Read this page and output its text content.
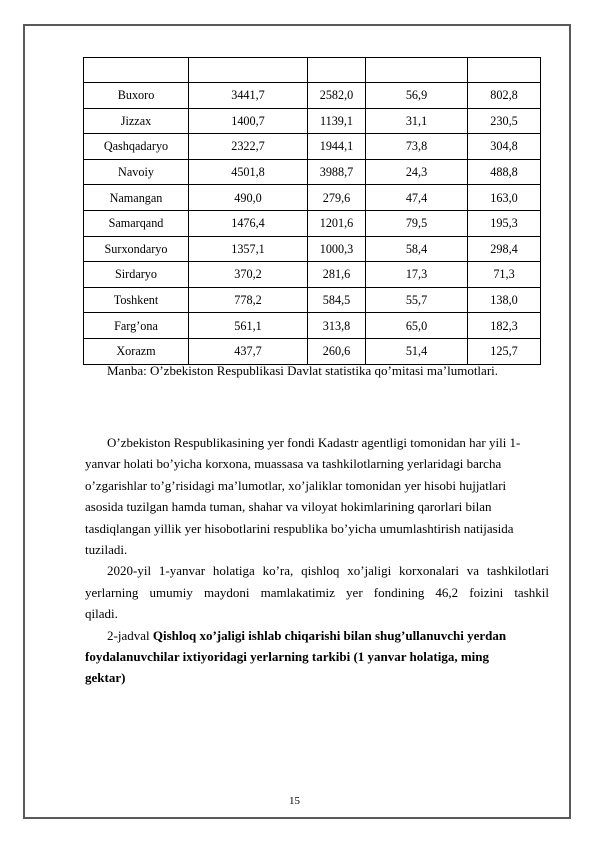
Buxoro	3441,7	2582,0	56,9	802,8
Jizzax	1400,7	1139,1	31,1	230,5
Qashqadaryo	2322,7	1944,1	73,8	304,8
Navoiy	4501,8	3988,7	24,3	488,8
Namangan	490,0	279,6	47,4	163,0
Samarqand	1476,4	1201,6	79,5	195,3
Surxondaryo	1357,1	1000,3	58,4	298,4
Sirdaryo	370,2	281,6	17,3	71,3
Toshkent	778,2	584,5	55,7	138,0
Farg’ona	561,1	313,8	65,0	182,3
Xorazm	437,7	260,6	51,4	125,7
Manba: O’zbekiston Respublikasi Davlat statistika qo’mitasi ma’lumotlari.
O’zbekiston Respublikasining yer fondi Kadastr agentligi tomonidan har yili 1-
yanvar holati bo’yicha korxona, muassasa va tashkilotlarning yerlaridagi barcha
o’zgarishlar to’g’risidagi ma’lumotlar, xo’jaliklar tomonidan yer hisobi hujjatlari
asosida tuzilgan hamda tuman, shahar va viloyat hokimlarining qarorlari bilan
tasdiqlangan yillik yer hisobotlarini respublika bo’yicha umumlashtirish natijasida
tuziladi.
2020-yil 1-yanvar holatiga ko’ra, qishloq xo’jaligi korxonalari va tashkilotlari
yerlarning umumiy maydoni mamlakatimiz yer fondining 46,2 foizini tashkil
qiladi.
2-jadval Qishloq xo’jaligi ishlab chiqarishi bilan shug’ullanuvchi yerdan
foydalanuvchilar ixtiyoridagi yerlarning tarkibi (1 yanvar holatiga, ming
gektar)
15
